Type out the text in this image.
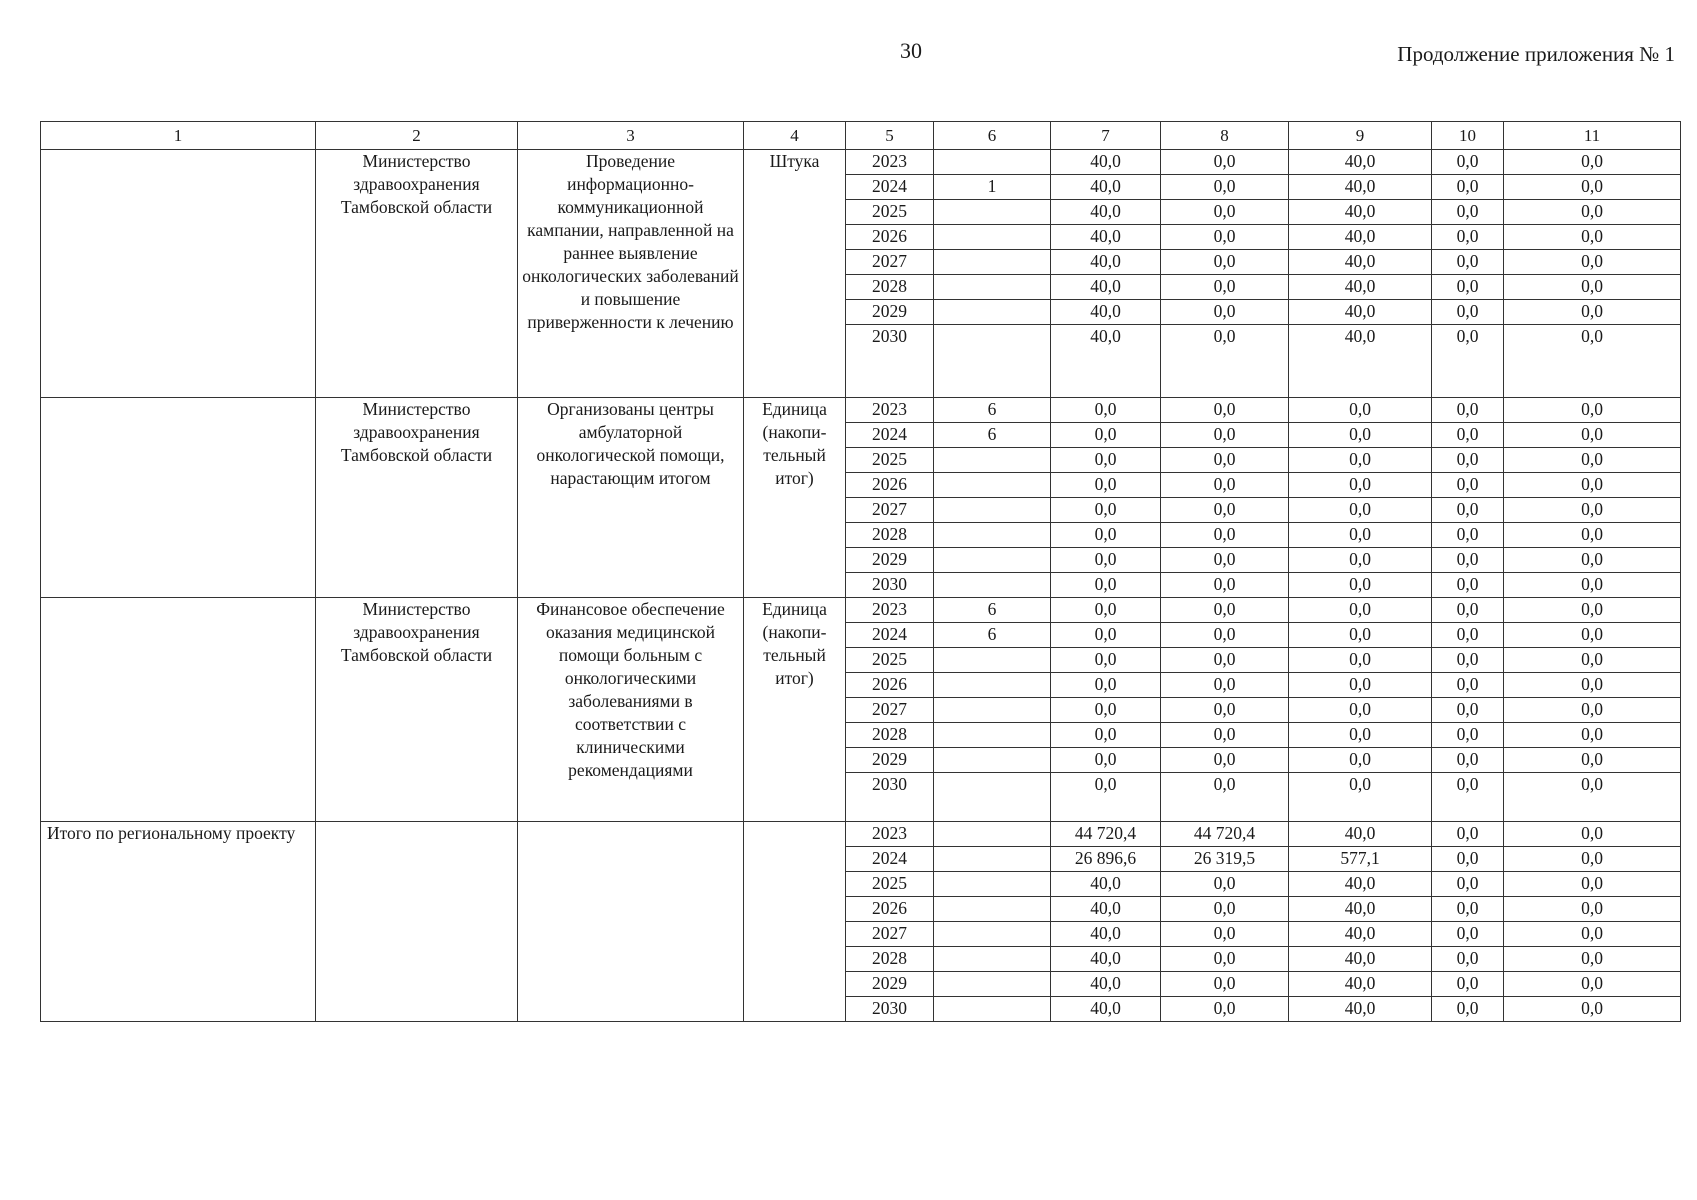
30	Продолжение приложения № 1
1	2	3	4	5	6	7	8	9	10	11
	Министерство здравоохранения Тамбовской области	Проведение информационно-коммуникационной кампании, направленной на раннее выявление онкологических заболеваний и повышение приверженности к лечению	Штука	2023		40,0	0,0	40,0	0,0	0,0
				2024	1	40,0	0,0	40,0	0,0	0,0
				2025		40,0	0,0	40,0	0,0	0,0
				2026		40,0	0,0	40,0	0,0	0,0
				2027		40,0	0,0	40,0	0,0	0,0
				2028		40,0	0,0	40,0	0,0	0,0
				2029		40,0	0,0	40,0	0,0	0,0
				2030		40,0	0,0	40,0	0,0	0,0
	Министерство здравоохранения Тамбовской области	Организованы центры амбулаторной онкологической помощи, нарастающим итогом	Единица (накопи-тельный итог)	2023	6	0,0	0,0	0,0	0,0	0,0
				2024	6	0,0	0,0	0,0	0,0	0,0
				2025		0,0	0,0	0,0	0,0	0,0
				2026		0,0	0,0	0,0	0,0	0,0
				2027		0,0	0,0	0,0	0,0	0,0
				2028		0,0	0,0	0,0	0,0	0,0
				2029		0,0	0,0	0,0	0,0	0,0
				2030		0,0	0,0	0,0	0,0	0,0
	Министерство здравоохранения Тамбовской области	Финансовое обеспечение оказания медицинской помощи больным с онкологическими заболеваниями в соответствии с клиническими рекомендациями	Единица (накопи-тельный итог)	2023	6	0,0	0,0	0,0	0,0	0,0
				2024	6	0,0	0,0	0,0	0,0	0,0
				2025		0,0	0,0	0,0	0,0	0,0
				2026		0,0	0,0	0,0	0,0	0,0
				2027		0,0	0,0	0,0	0,0	0,0
				2028		0,0	0,0	0,0	0,0	0,0
				2029		0,0	0,0	0,0	0,0	0,0
				2030		0,0	0,0	0,0	0,0	0,0
Итого по региональному проекту				2023		44 720,4	44 720,4	40,0	0,0	0,0
				2024		26 896,6	26 319,5	577,1	0,0	0,0
				2025		40,0	0,0	40,0	0,0	0,0
				2026		40,0	0,0	40,0	0,0	0,0
				2027		40,0	0,0	40,0	0,0	0,0
				2028		40,0	0,0	40,0	0,0	0,0
				2029		40,0	0,0	40,0	0,0	0,0
				2030		40,0	0,0	40,0	0,0	0,0
